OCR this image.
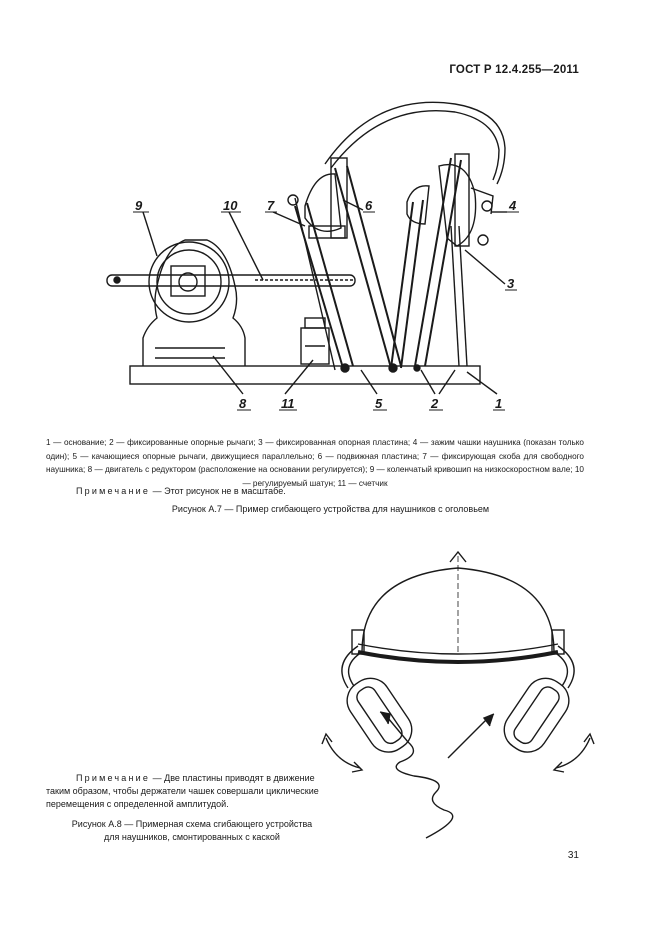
ГОСТ Р 12.4.255—2011
9	10 7	6	4
3
8	11	5	2	1
1 — основание; 2 — фиксированные опорные рычаги; 3 — фиксированная опорная пластина; 4 — зажим чашки наушника (показан только один); 5 — качающиеся опорные рычаги, движущиеся параллельно; 6 — подвижная пластина; 7 — фиксирующая скоба для свободного наушника; 8 — двигатель с редуктором (расположение на основании регулируется); 9 — коленчатый кривошип на низкоскоростном вале; 10 — регулируемый шатун; 11 — счетчик
Примечание — Этот рисунок не в масштабе.
Рисунок А.7 — Пример сгибающего устройства для наушников с оголовьем
Примечание — Две пластины приводят в движение таким образом, чтобы держатели чашек совершали циклические перемещения с определенной амплитудой.
Рисунок А.8 — Примерная схема сгибающего устройства
для наушников, смонтированных с каской
31
